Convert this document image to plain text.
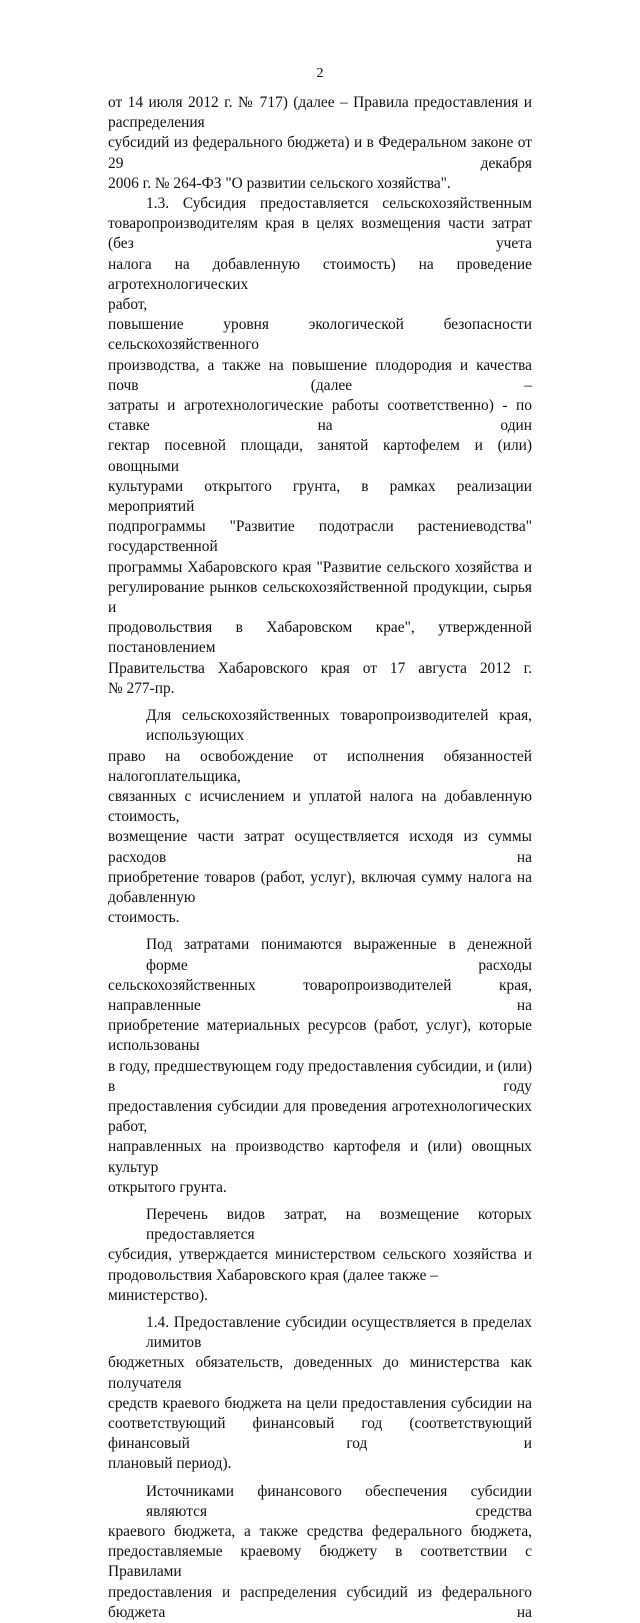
2

от 14 июля 2012 г. № 717) (далее – Правила предоставления и распределения

субсидий из федерального бюджета) и в Федеральном законе от 29 декабря

2006 г. № 264-ФЗ "О развитии сельского хозяйства".

1.3. Субсидия предоставляется сельскохозяйственным

товаропроизводителям края в целях возмещения части затрат (без учета

налога на добавленную стоимость) на проведение агротехнологических

работ,

повышение уровня экологической безопасности сельскохозяйственного

производства, а также на повышение плодородия и качества почв (далее –

затраты и агротехнологические работы соответственно) - по ставке на один

гектар посевной площади, занятой картофелем и (или) овощными

культурами открытого грунта, в рамках реализации мероприятий

подпрограммы "Развитие подотрасли растениеводства" государственной

программы Хабаровского края "Развитие сельского хозяйства и

регулирование рынков сельскохозяйственной продукции, сырья и

продовольствия в Хабаровском крае", утвержденной постановлением

Правительства Хабаровского края от 17 августа 2012 г.

№ 277-пр.

Для сельскохозяйственных товаропроизводителей края, использующих

право на освобождение от исполнения обязанностей налогоплательщика,

связанных с исчислением и уплатой налога на добавленную стоимость,

возмещение части затрат осуществляется исходя из суммы расходов на

приобретение товаров (работ, услуг), включая сумму налога на добавленную

стоимость.

Под затратами понимаются выраженные в денежной форме расходы

сельскохозяйственных товаропроизводителей края, направленные на

приобретение материальных ресурсов (работ, услуг), которые использованы

в году, предшествующем году предоставления субсидии, и (или) в году

предоставления субсидии для проведения агротехнологических работ,

направленных на производство картофеля и (или) овощных культур

открытого грунта.

Перечень видов затрат, на возмещение которых предоставляется

субсидия, утверждается министерством сельского хозяйства и

продовольствия Хабаровского края (далее также – министерство).

1.4. Предоставление субсидии осуществляется в пределах лимитов

бюджетных обязательств, доведенных до министерства как получателя

средств краевого бюджета на цели предоставления субсидии на

соответствующий финансовый год (соответствующий финансовый год и

плановый период).

Источниками финансового обеспечения субсидии являются средства

краевого бюджета, а также средства федерального бюджета,

предоставляемые краевому бюджету в соответствии с Правилами

предоставления и распределения субсидий из федерального бюджета на
